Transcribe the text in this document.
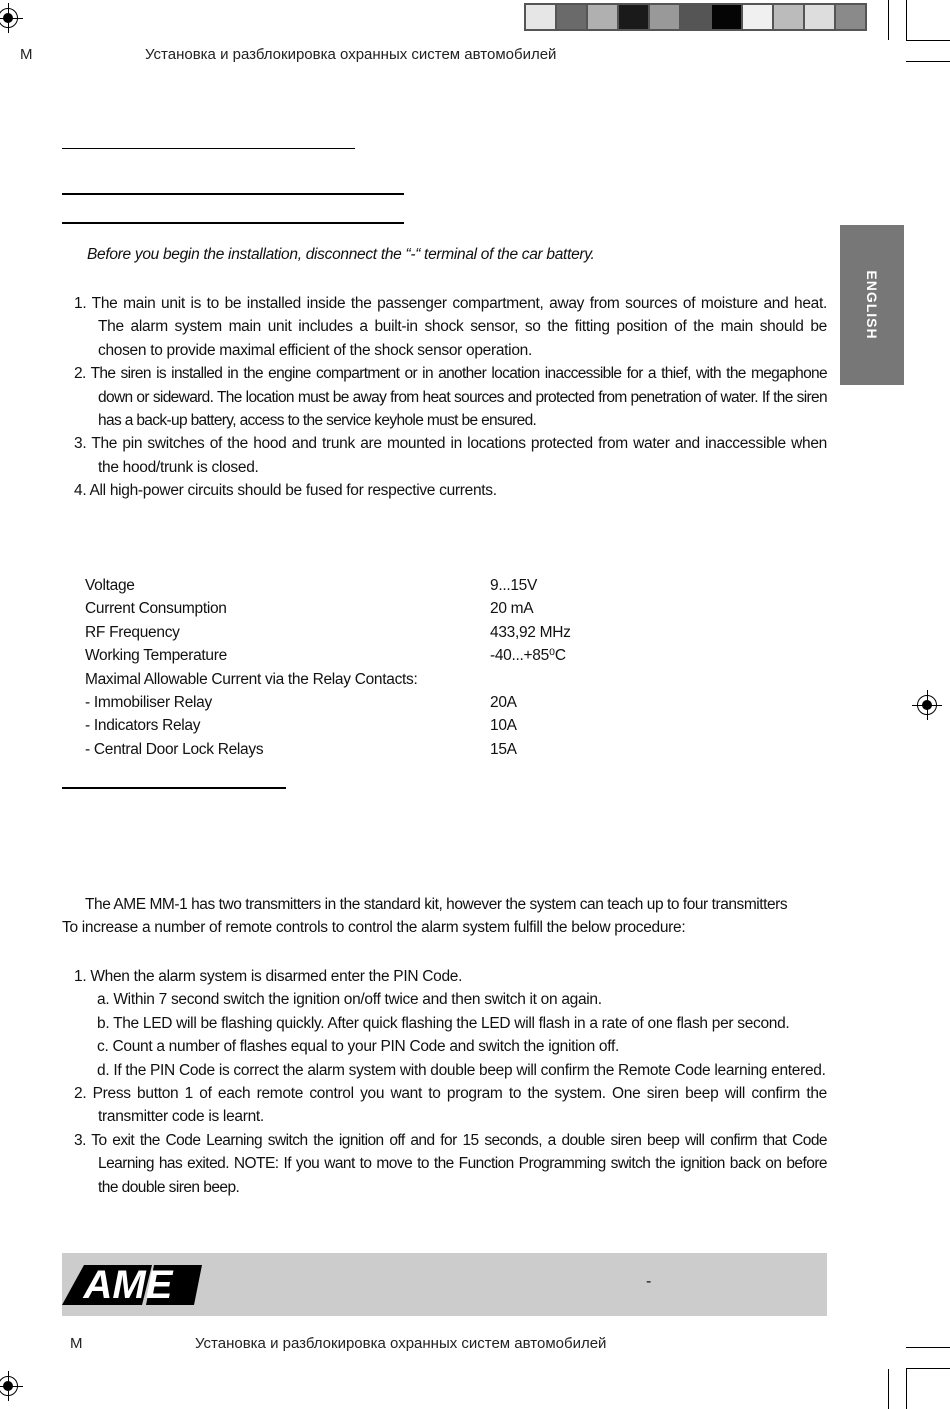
M	Установка и разблокировка охранных систем автомобилей
ENGLISH
Before you begin the installation, disconnect the “-“ terminal of the car battery.
1. The main unit is to be installed inside the passenger compartment, away from sources of moisture and heat. The alarm system main unit includes a built-in shock sensor, so the fitting position of the main should be chosen to provide maximal efficient of the shock sensor operation.
2. The siren is installed in the engine compartment or in another location inaccessible for a thief, with the megaphone down or sideward. The location must be away from heat sources and protected from penetration of water. If the siren has a back-up battery, access to the service keyhole must be ensured.
3. The pin switches of the hood and trunk are mounted in locations protected from water and inaccessible when the hood/trunk is closed.
4. All high-power circuits should be fused for respective currents.
Voltage	9...15V
Current Consumption	20 mA
RF Frequency	433,92 MHz
Working Temperature	-40...+85⁰C
Maximal Allowable Current via the Relay Contacts:
- Immobiliser Relay	20A
- Indicators Relay	10A
- Central Door Lock Relays	15A
The AME MM-1 has two transmitters in the standard kit, however the system can teach up to four transmitters
To increase a number of remote controls to control the alarm system fulfill the below procedure:
1. When the alarm system is disarmed enter the PIN Code.
a. Within 7 second switch the ignition on/off twice and then switch it on again.
b. The LED will be flashing quickly. After quick flashing the LED will flash in a rate of one flash per second.
c. Count a number of flashes equal to your PIN Code and switch the ignition off.
d. If the PIN Code is correct the alarm system with double beep will confirm the Remote Code learning entered.
2. Press button 1 of each remote control you want to program to the system. One siren beep will confirm the transmitter code is learnt.
3. To exit the Code Learning switch the ignition off and for 15 seconds, a double siren beep will confirm that Code Learning has exited. NOTE: If you want to move to the Function Programming switch the ignition back on before the double siren beep.
AME	-
M	Установка и разблокировка охранных систем автомобилей
